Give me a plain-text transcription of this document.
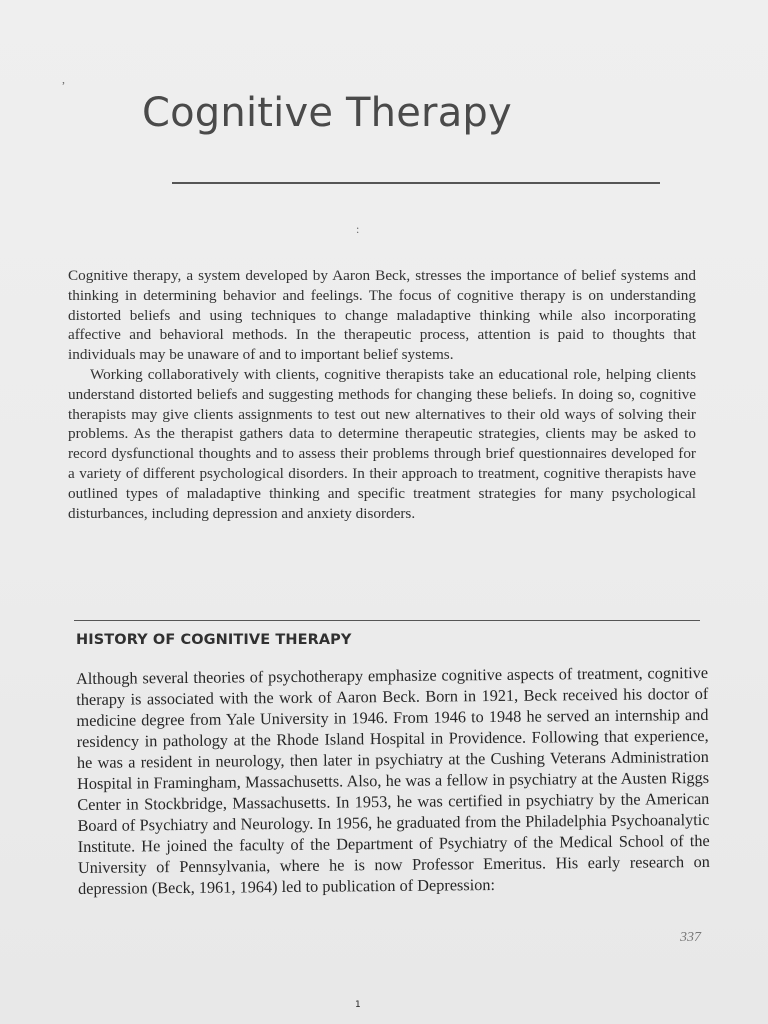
Cognitive Therapy
,
:

Cognitive therapy, a system developed by Aaron Beck, stresses the importance of belief systems and thinking in determining behavior and feelings. The focus of cognitive therapy is on understanding distorted beliefs and using techniques to change maladaptive thinking while also incorporating affective and behavioral methods. In the therapeutic process, attention is paid to thoughts that individuals may be unaware of and to important belief systems.

Working collaboratively with clients, cognitive therapists take an educational role, helping clients understand distorted beliefs and suggesting methods for changing these beliefs. In doing so, cognitive therapists may give clients assignments to test out new alternatives to their old ways of solving their problems. As the therapist gathers data to determine therapeutic strategies, clients may be asked to record dysfunctional thoughts and to assess their problems through brief questionnaires developed for a variety of different psychological disorders. In their approach to treatment, cognitive therapists have outlined types of maladaptive thinking and specific treatment strategies for many psychological disturbances, including depression and anxiety disorders.

HISTORY OF COGNITIVE THERAPY

Although several theories of psychotherapy emphasize cognitive aspects of treatment, cognitive therapy is associated with the work of Aaron Beck. Born in 1921, Beck received his doctor of medicine degree from Yale University in 1946. From 1946 to 1948 he served an internship and residency in pathology at the Rhode Island Hospital in Providence. Following that experience, he was a resident in neurology, then later in psychiatry at the Cushing Veterans Administration Hospital in Framingham, Massachusetts. Also, he was a fellow in psychiatry at the Austen Riggs Center in Stockbridge, Massachusetts. In 1953, he was certified in psychiatry by the American Board of Psychiatry and Neurology. In 1956, he graduated from the Philadelphia Psychoanalytic Institute. He joined the faculty of the Department of Psychiatry of the Medical School of the University of Pennsylvania, where he is now Professor Emeritus. His early research on depression (Beck, 1961, 1964) led to publication of Depression:

337
1
